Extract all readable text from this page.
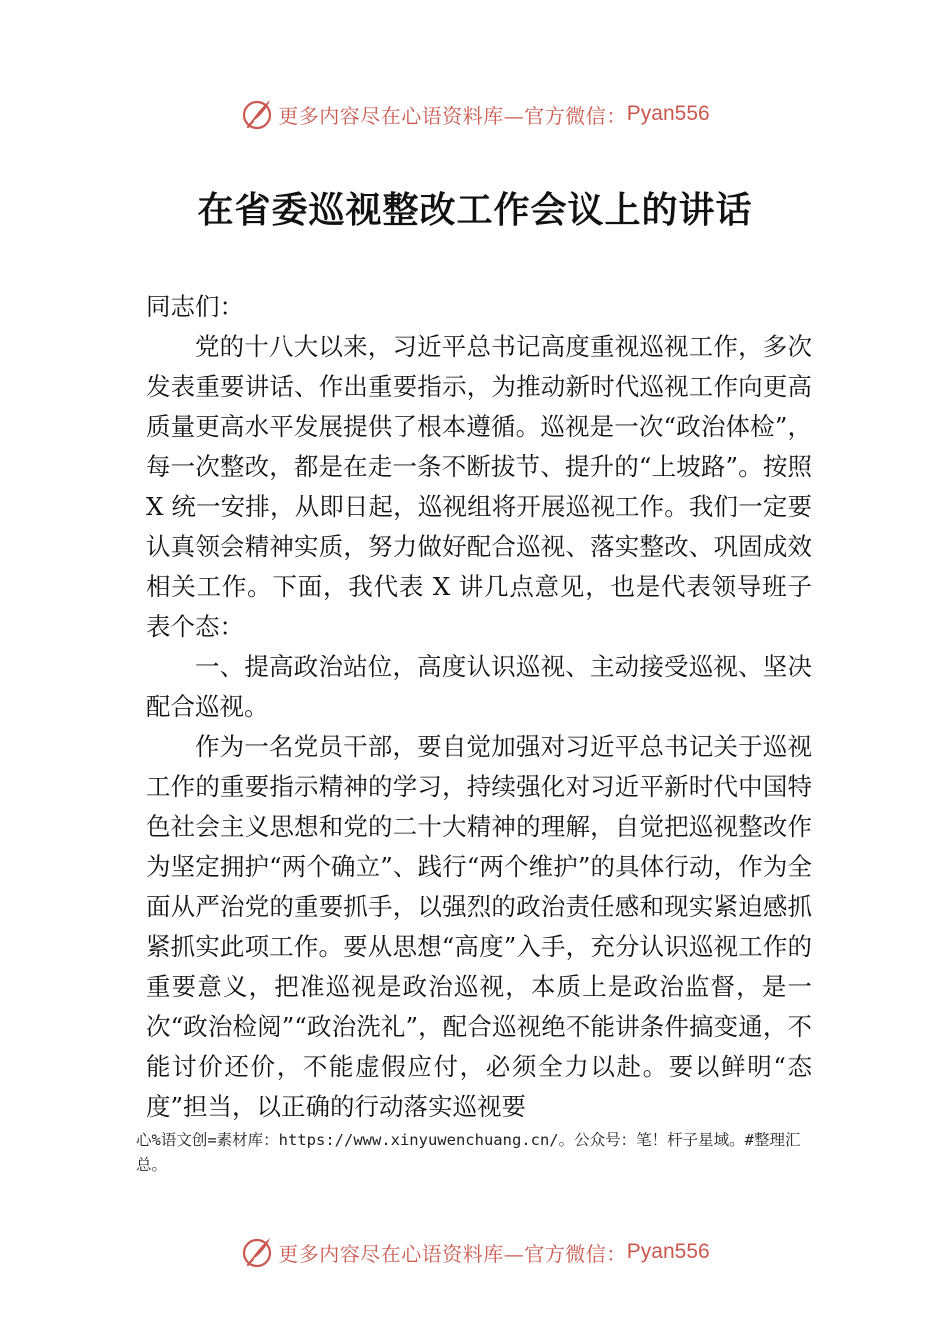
更多内容尽在心语资料库—官方微信： Pyan556
在省委巡视整改工作会议上的讲话

同志们：

党的十八大以来，习近平总书记高度重视巡视工作，多次发表重要讲话、作出重要指示，为推动新时代巡视工作向更高质量更高水平发展提供了根本遵循。巡视是一次“政治体检”，每一次整改，都是在走一条不断拔节、提升的“上坡路”。按照 X 统一安排，从即日起，巡视组将开展巡视工作。我们一定要认真领会精神实质，努力做好配合巡视、落实整改、巩固成效相关工作。下面，我代表 X 讲几点意见，也是代表领导班子表个态：

一、提高政治站位，高度认识巡视、主动接受巡视、坚决配合巡视。

作为一名党员干部，要自觉加强对习近平总书记关于巡视工作的重要指示精神的学习，持续强化对习近平新时代中国特色社会主义思想和党的二十大精神的理解，自觉把巡视整改作为坚定拥护“两个确立”、践行“两个维护”的具体行动，作为全面从严治党的重要抓手，以强烈的政治责任感和现实紧迫感抓紧抓实此项工作。要从思想“高度”入手，充分认识巡视工作的重要意义，把准巡视是政治巡视，本质上是政治监督，是一次“政治检阅”“政治洗礼”，配合巡视绝不能讲条件搞变通，不能讨价还价，不能虚假应付，必须全力以赴。要以鲜明“态度”担当，以正确的行动落实巡视要

心%语文创=素材库：https://www.xinyuwenchuang.cn/。公众号：笔！杆子星域。#整理汇总。
更多内容尽在心语资料库—官方微信： Pyan556
